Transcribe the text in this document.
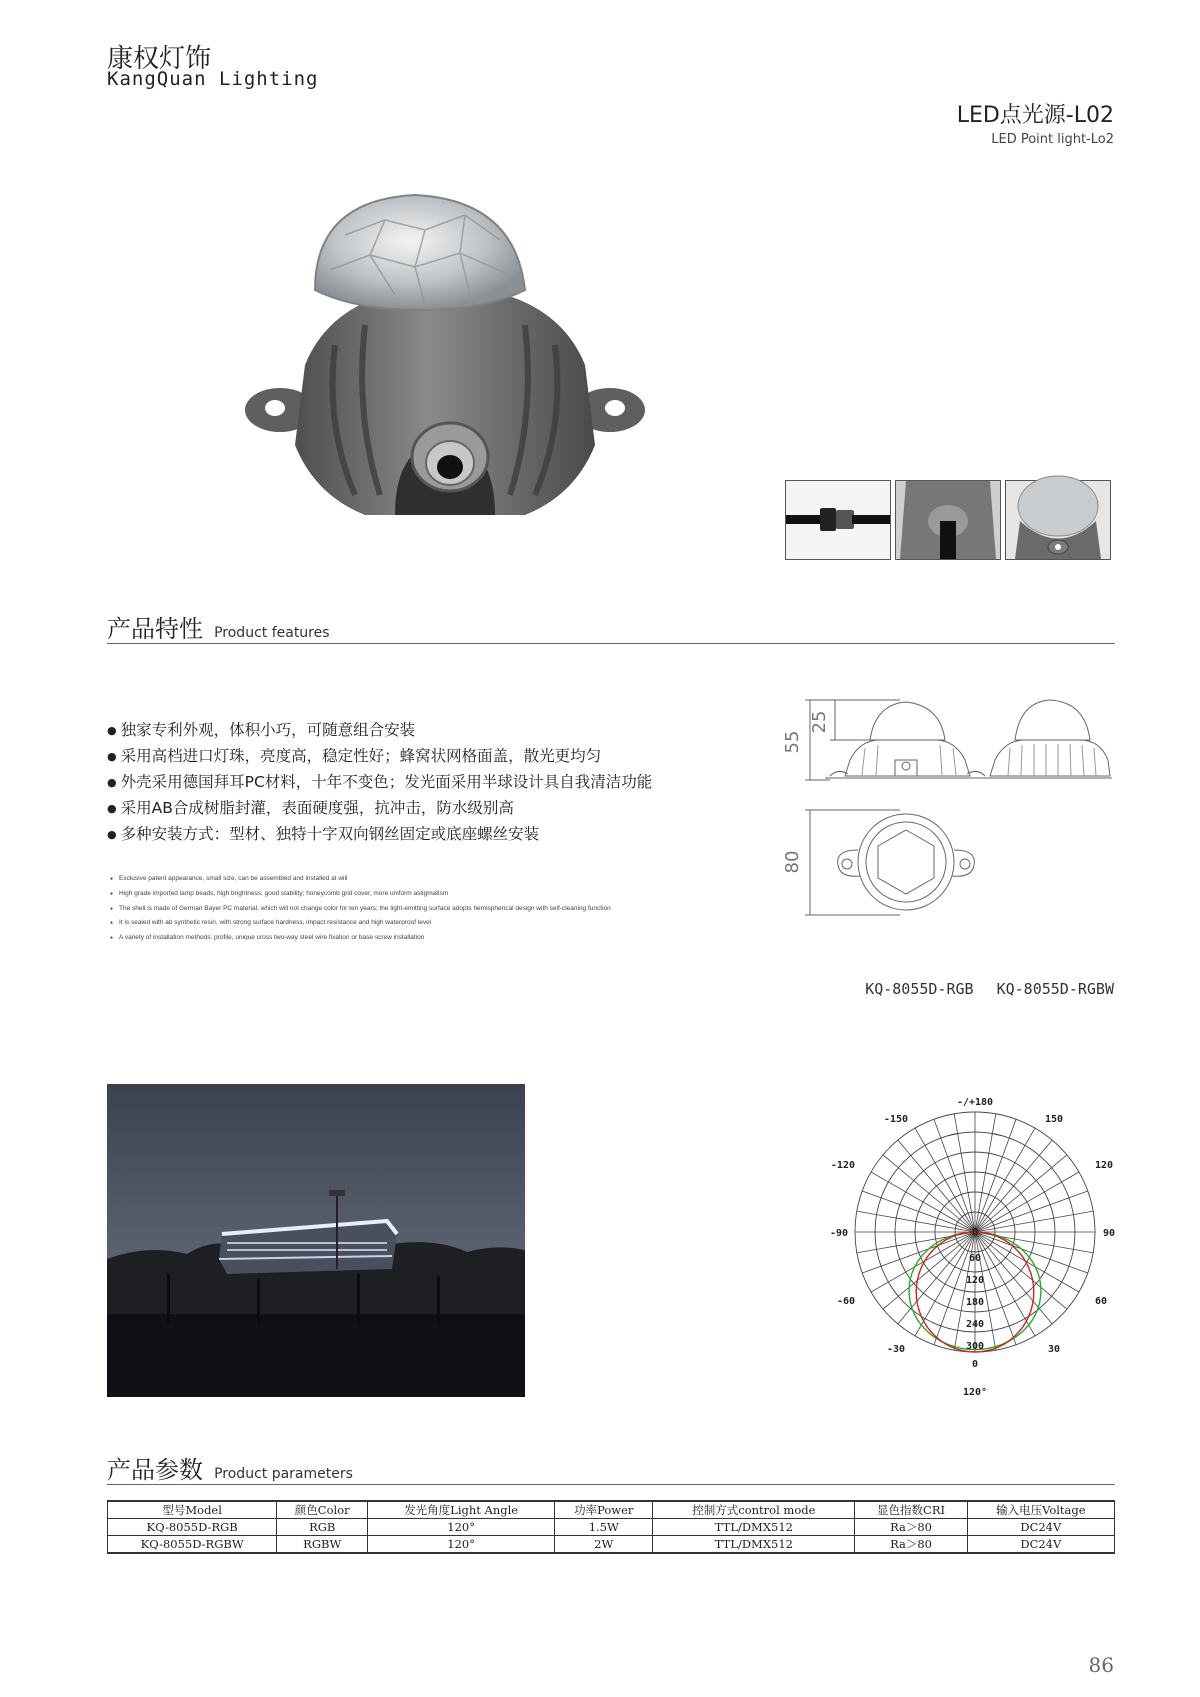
康权灯饰
KangQuan Lighting
LED点光源-L02
LED Point light-Lo2
产品特性 Product features
● 独家专利外观，体积小巧，可随意组合安装
● 采用高档进口灯珠，亮度高，稳定性好；蜂窝状网格面盖，散光更均匀
● 外壳采用德国拜耳PC材料，十年不变色；发光面采用半球设计具自我清洁功能
● 采用AB合成树脂封灌，表面硬度强，抗冲击，防水级别高
● 多种安装方式：型材、独特十字双向钢丝固定或底座螺丝安装
● Exclusive patent appearance, small size, can be assembled and installed at will
● High grade imported lamp beads, high brightness, good stability; honeycomb grid cover, more uniform astigmatism
● The shell is made of German Bayer PC material, which will not change color for ten years; the light-emitting surface adopts hemispherical design with self-cleaning function
● It is sealed with ab synthetic resin, with strong surface hardness, impact resistance and high waterproof level
● A variety of installation methods: profile, unique cross two-way steel wire fixation or base screw installation
55
25
80
KQ-8055D-RGB KQ-8055D-RGBW
-/+180
-150	150
-120	120
-90	90
-60	60
-30	30
0
0
60
120
180
240
300
120°
产品参数 Product parameters
型号Model	颜色Color	发光角度Light Angle	功率Power	控制方式control mode	显色指数CRI	输入电压Voltage
KQ-8055D-RGB	RGB	120°	1.5W	TTL/DMX512	Ra＞80	DC24V
KQ-8055D-RGBW	RGBW	120°	2W	TTL/DMX512	Ra＞80	DC24V
86
